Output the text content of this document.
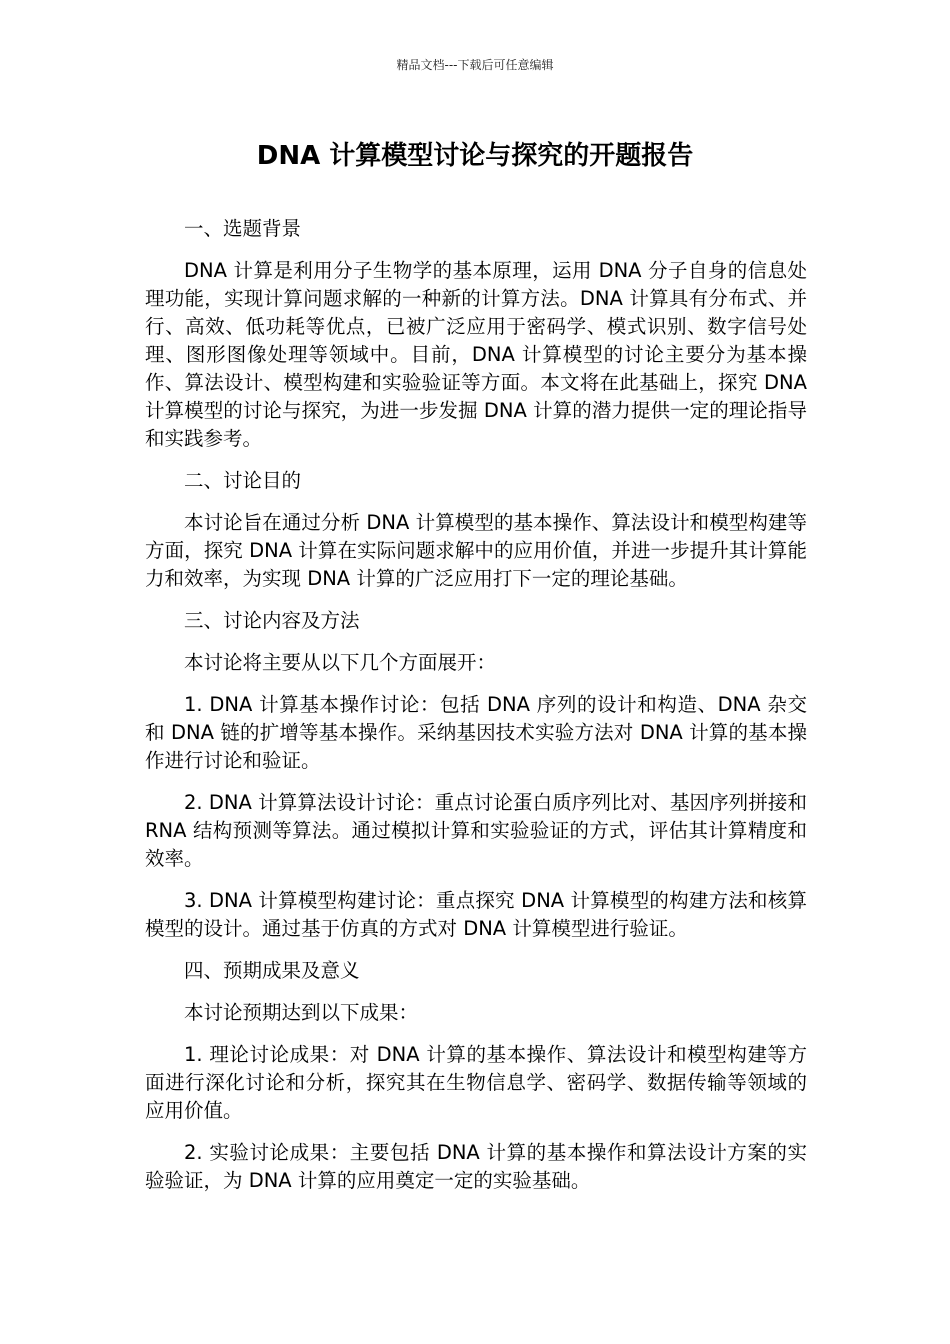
精品文档---下载后可任意编辑
DNA 计算模型讨论与探究的开题报告

一、选题背景

DNA 计算是利用分子生物学的基本原理，运用 DNA 分子自身的信息处理功能，实现计算问题求解的一种新的计算方法。DNA 计算具有分布式、并行、高效、低功耗等优点，已被广泛应用于密码学、模式识别、数字信号处理、图形图像处理等领域中。目前，DNA 计算模型的讨论主要分为基本操作、算法设计、模型构建和实验验证等方面。本文将在此基础上，探究 DNA 计算模型的讨论与探究，为进一步发掘 DNA 计算的潜力提供一定的理论指导和实践参考。

二、讨论目的

本讨论旨在通过分析 DNA 计算模型的基本操作、算法设计和模型构建等方面，探究 DNA 计算在实际问题求解中的应用价值，并进一步提升其计算能力和效率，为实现 DNA 计算的广泛应用打下一定的理论基础。

三、讨论内容及方法

本讨论将主要从以下几个方面展开：

1. DNA 计算基本操作讨论：包括 DNA 序列的设计和构造、DNA 杂交和 DNA 链的扩增等基本操作。采纳基因技术实验方法对 DNA 计算的基本操作进行讨论和验证。

2. DNA 计算算法设计讨论：重点讨论蛋白质序列比对、基因序列拼接和 RNA 结构预测等算法。通过模拟计算和实验验证的方式，评估其计算精度和效率。

3. DNA 计算模型构建讨论：重点探究 DNA 计算模型的构建方法和核算模型的设计。通过基于仿真的方式对 DNA 计算模型进行验证。

四、预期成果及意义

本讨论预期达到以下成果：

1. 理论讨论成果：对 DNA 计算的基本操作、算法设计和模型构建等方面进行深化讨论和分析，探究其在生物信息学、密码学、数据传输等领域的应用价值。

2. 实验讨论成果：主要包括 DNA 计算的基本操作和算法设计方案的实验验证，为 DNA 计算的应用奠定一定的实验基础。
